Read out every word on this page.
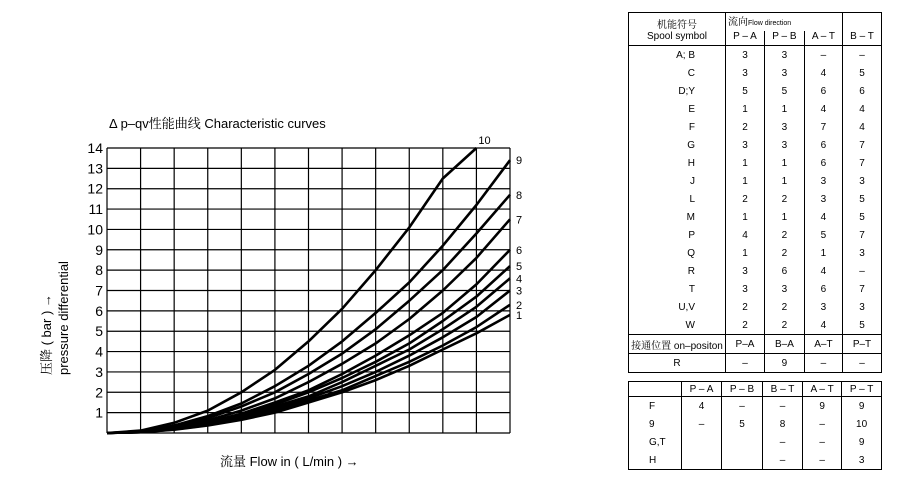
1
2
3
4
5
6
7
8
9
10
11
12
13
14
1
2
3
4
5
6
7
8
9
10
Δ p–qv性能曲线 Characteristic curves
流量 Flow in ( L/min ) →
压降 ( bar ) → pressure differential
机能符号
Spool symbol	流向Flow direction			
	P – A	P – B	A – T	B – T
A; B	3	3	–	–
C	3	3	4	5
D;Y	5	5	6	6
E	1	1	4	4
F	2	3	7	4
G	3	3	6	7
H	1	1	6	7
J	1	1	3	3
L	2	2	3	5
M	1	1	4	5
P	4	2	5	7
Q	1	2	1	3
R	3	6	4	–
T	3	3	6	7
U,V	2	2	3	3
W	2	2	4	5
接通位置 on–positon	P–A	B–A	A–T	P–T
R	–	9	–	–
	P – A	P – B	B – T	A – T	P – T
F	4	–	–	9	9
9	–	5	8	–	10
G,T			–	–	9
H			–	–	3
